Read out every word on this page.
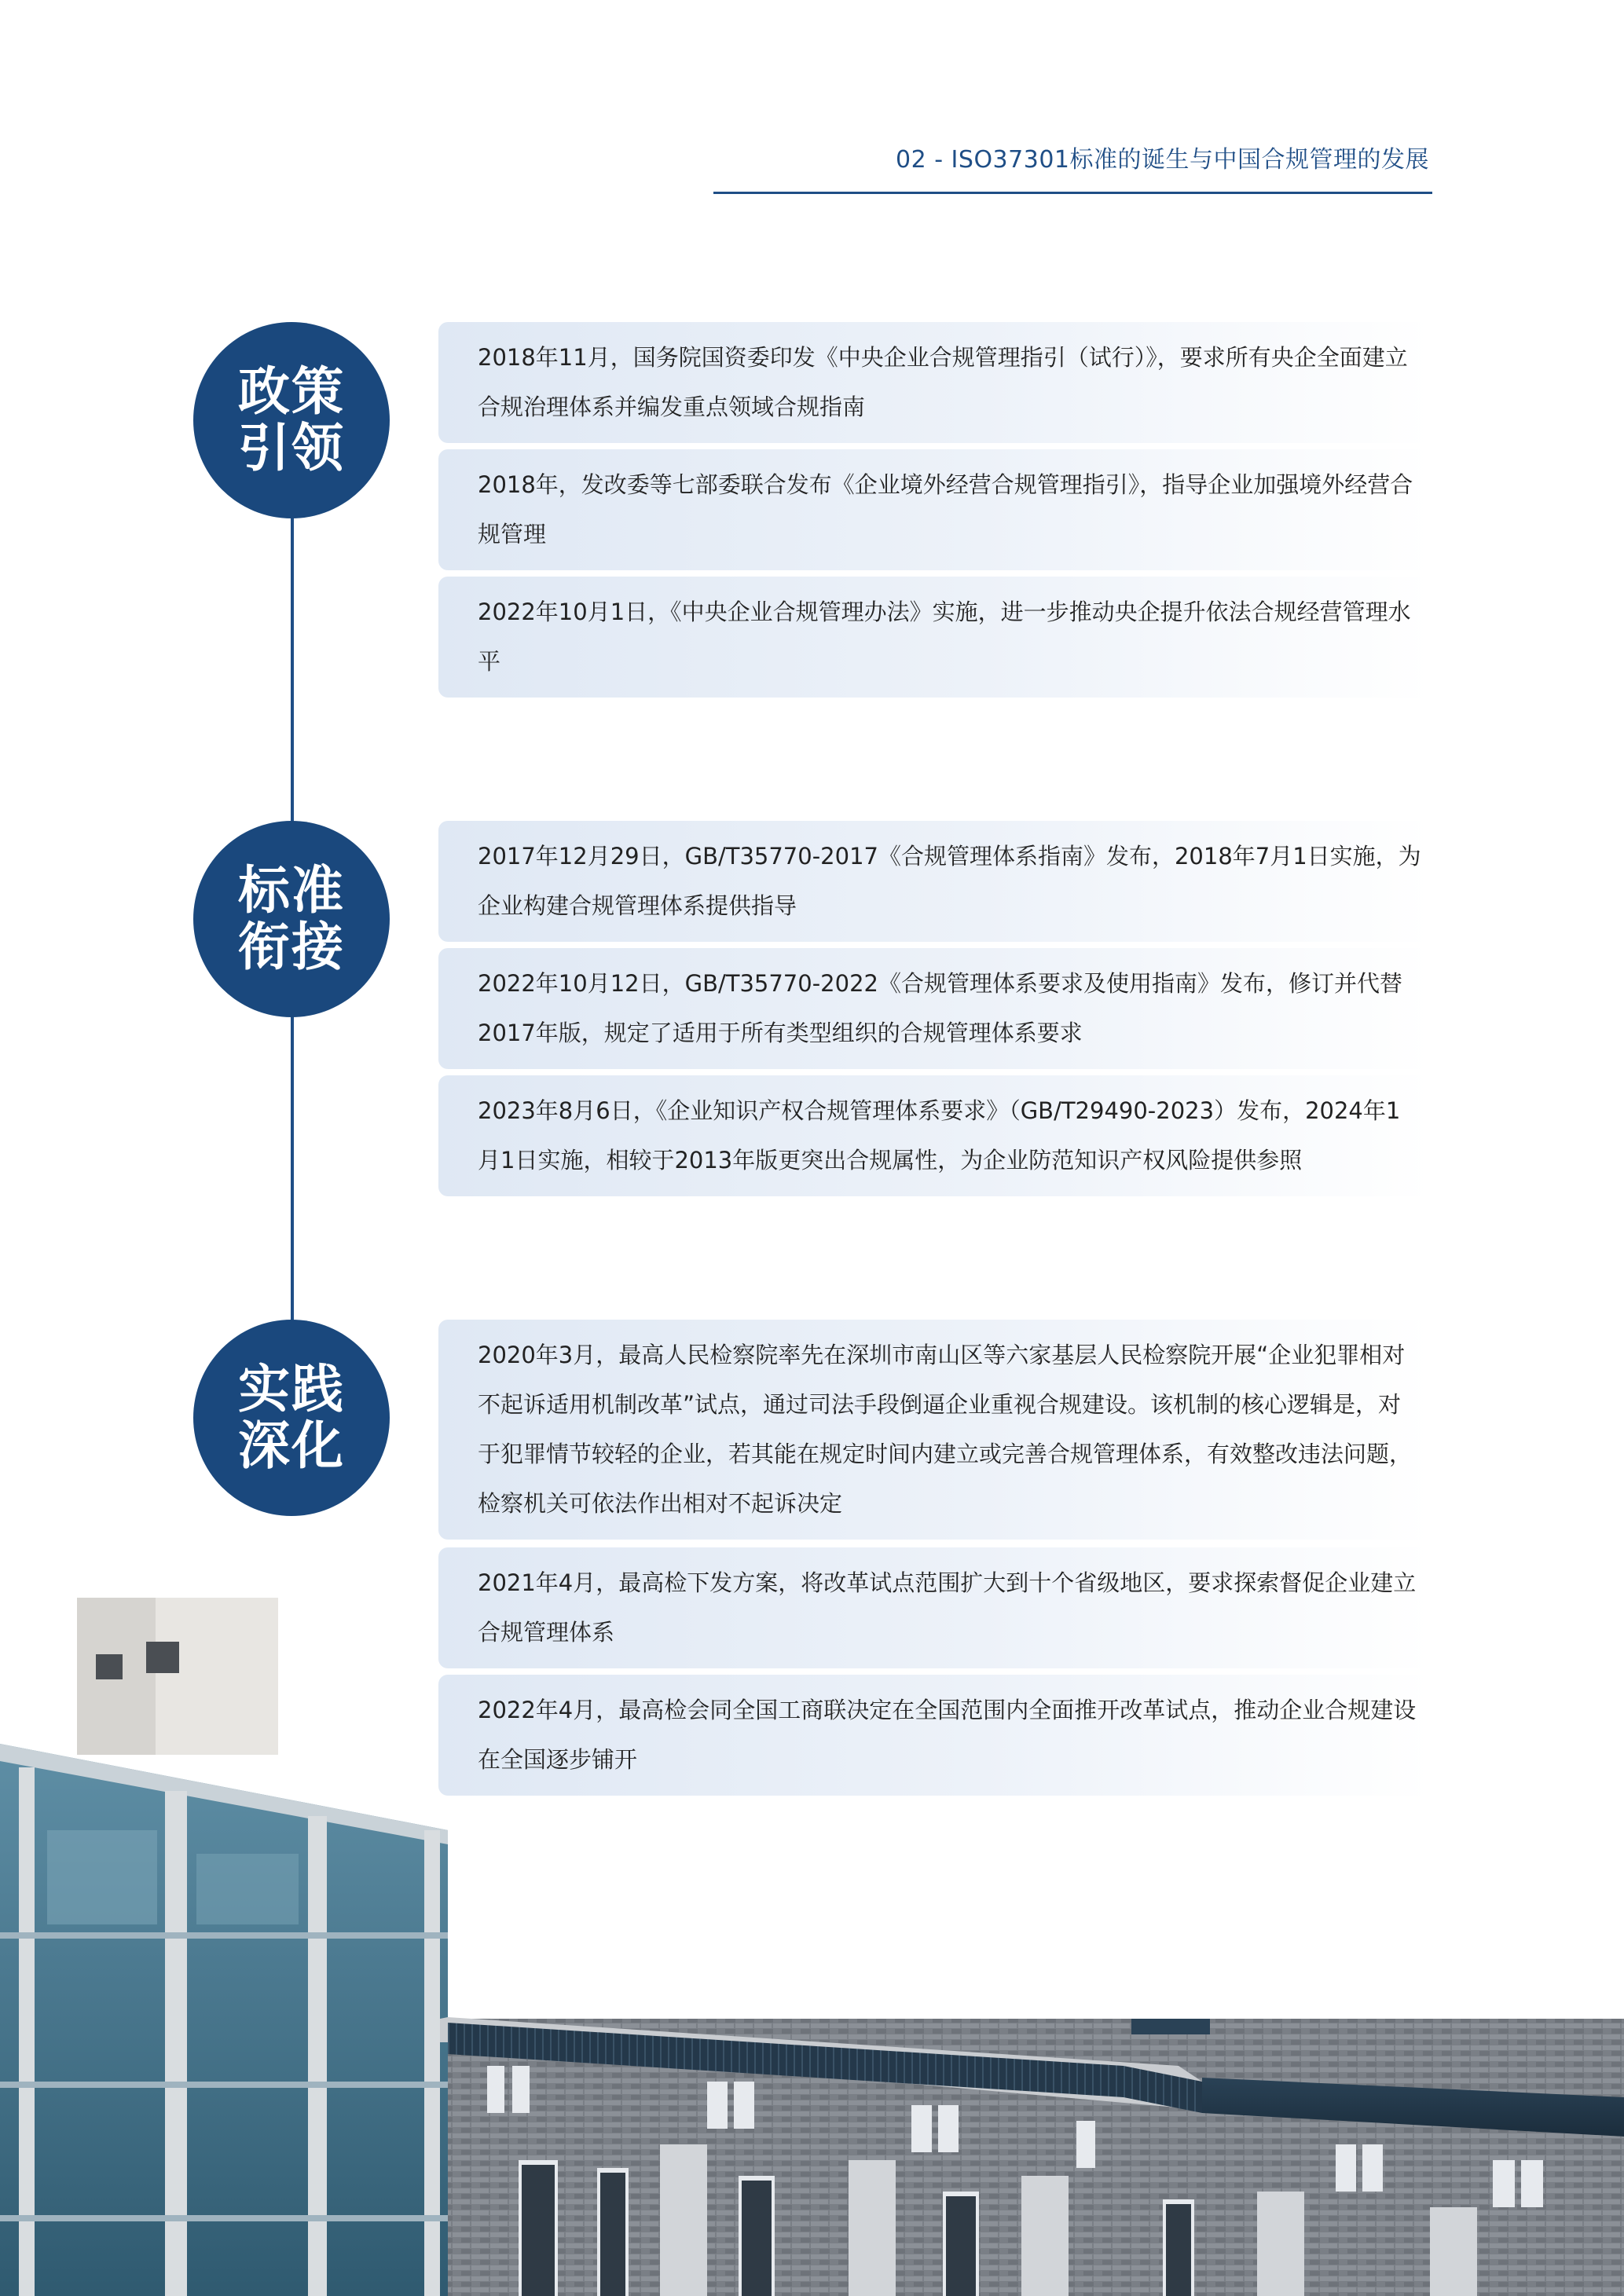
02 - ISO37301标准的诞生与中国合规管理的发展
政策
引领
2018年11月，国务院国资委印发《中央企业合规管理指引（试行）》，要求所有央企全面建立合规治理体系并编发重点领域合规指南
2018年，发改委等七部委联合发布《企业境外经营合规管理指引》，指导企业加强境外经营合规管理
2022年10月1日，《中央企业合规管理办法》实施，进一步推动央企提升依法合规经营管理水平
标准
衔接
2017年12月29日，GB/T35770-2017《合规管理体系指南》发布，2018年7月1日实施，为企业构建合规管理体系提供指导
2022年10月12日，GB/T35770-2022《合规管理体系要求及使用指南》发布，修订并代替2017年版，规定了适用于所有类型组织的合规管理体系要求
2023年8月6日，《企业知识产权合规管理体系要求》（GB/T29490-2023）发布，2024年1月1日实施，相较于2013年版更突出合规属性，为企业防范知识产权风险提供参照
实践
深化
2020年3月，最高人民检察院率先在深圳市南山区等六家基层人民检察院开展“企业犯罪相对不起诉适用机制改革”试点，通过司法手段倒逼企业重视合规建设。该机制的核心逻辑是，对于犯罪情节较轻的企业，若其能在规定时间内建立或完善合规管理体系，有效整改违法问题，检察机关可依法作出相对不起诉决定
2021年4月，最高检下发方案，将改革试点范围扩大到十个省级地区，要求探索督促企业建立合规管理体系
2022年4月，最高检会同全国工商联决定在全国范围内全面推开改革试点，推动企业合规建设在全国逐步铺开
